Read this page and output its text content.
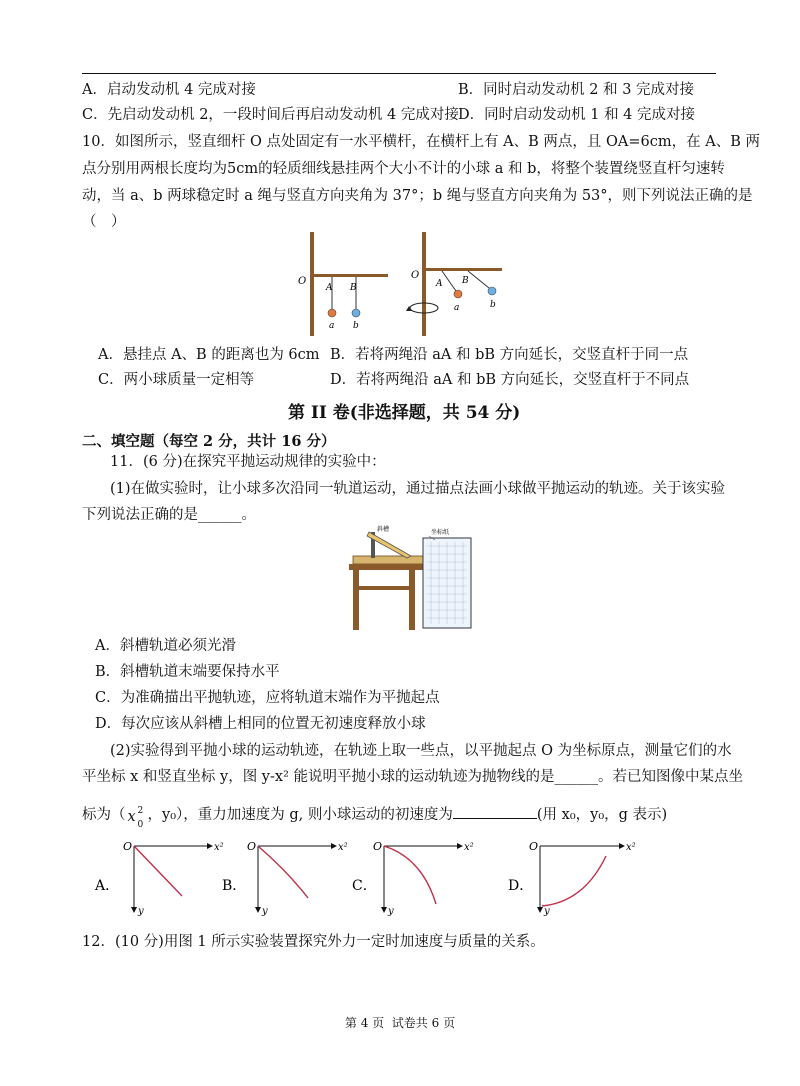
A．启动发动机 4 完成对接	B．同时启动发动机 2 和 3 完成对接
C．先启动发动机 2，一段时间后再启动发动机 4 完成对接 D．同时启动发动机 1 和 4 完成对接
10．如图所示，竖直细杆 O 点处固定有一水平横杆，在横杆上有 A、B 两点，且 OA=6cm，在 A、B 两
点分别用两根长度均为5cm的轻质细线悬挂两个大小不计的小球 a 和 b，将整个装置绕竖直杆匀速转
动，当 a、b 两球稳定时 a 绳与竖直方向夹角为 37°；b 绳与竖直方向夹角为 53°，则下列说法正确的是
（　）
O
A B
a b
O
A B
a	b
A．悬挂点 A、B 的距离也为 6cm B．若将两绳沿 aA 和 bB 方向延长，交竖直杆于同一点
C．两小球质量一定相等	D．若将两绳沿 aA 和 bB 方向延长，交竖直杆于不同点
第 II 卷(非选择题，共 54 分)
二、填空题（每空 2 分，共计 16 分）
11．(6 分)在探究平抛运动规律的实验中：
(1)在做实验时，让小球多次沿同一轨道运动，通过描点法画小球做平抛运动的轨迹。关于该实验
下列说法正确的是______。
斜槽	坐标纸
A．斜槽轨道必须光滑
B．斜槽轨道末端要保持水平
C．为准确描出平抛轨迹，应将轨道末端作为平抛起点
D．每次应该从斜槽上相同的位置无初速度释放小球
(2)实验得到平抛小球的运动轨迹，在轨迹上取一些点，以平抛起点 O 为坐标原点，测量它们的水
平坐标 x 和竖直坐标 y，图 y-x² 能说明平抛小球的运动轨迹为抛物线的是______。若已知图像中某点坐
标为（ x 2
0
，y₀），重力加速度为 g, 则小球运动的初速度为	(用 x₀，y₀，g 表示)
O	x²
y
A．
O	x²
y
B．
O	x²
y
C．
O	x²
y
D．
12．(10 分)用图 1 所示实验装置探究外力一定时加速度与质量的关系。
第 4 页  试卷共 6 页
